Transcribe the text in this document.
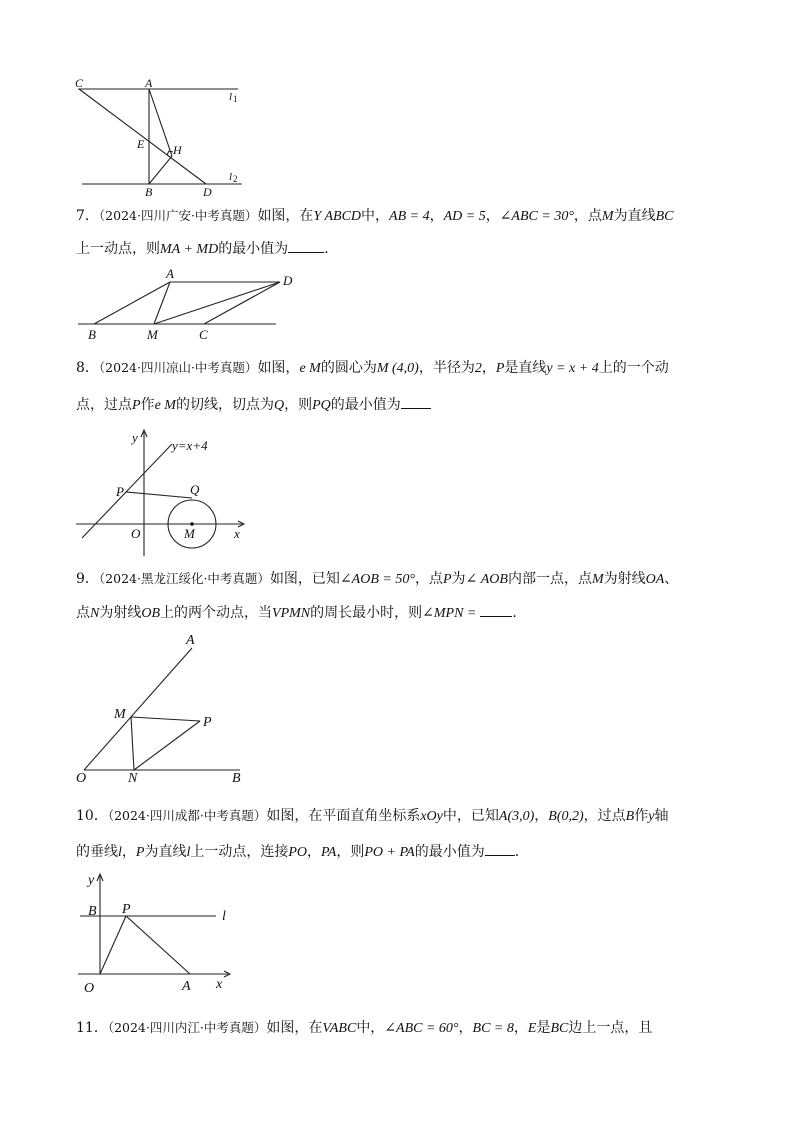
C	A
l 1
E H
B	D
l 2
7．（2024·四川广安·中考真题）如图，在Y ABCD中，AB = 4，AD = 5，∠ABC = 30°，点M为直线BC
上一动点，则MA + MD的最小值为	.
A	D
B	M	C
8．（2024·四川凉山·中考真题）如图，e M的圆心为M (4,0)，半径为2，P是直线y = x + 4上的一个动
点，过点P作e M的切线，切点为Q，则PQ的最小值为
y
y=x+4
P	Q
O	M	x
9．（2024·黑龙江绥化·中考真题）如图，已知∠AOB = 50°，点P为∠ AOB内部一点，点M为射线OA、
点N为射线OB上的两个动点，当VPMN的周长最小时，则∠MPN =	.
A
M
P
O	N	B
10．（2024·四川成都·中考真题）如图，在平面直角坐标系xOy中，已知A(3,0)，B(0,2)，过点B作y轴
的垂线l，P为直线l上一动点，连接PO，PA，则PO + PA的最小值为 .
y
B P	l
O	A x
11．（2024·四川内江·中考真题）如图，在VABC中，∠ABC = 60°，BC = 8，E是BC边上一点，且
